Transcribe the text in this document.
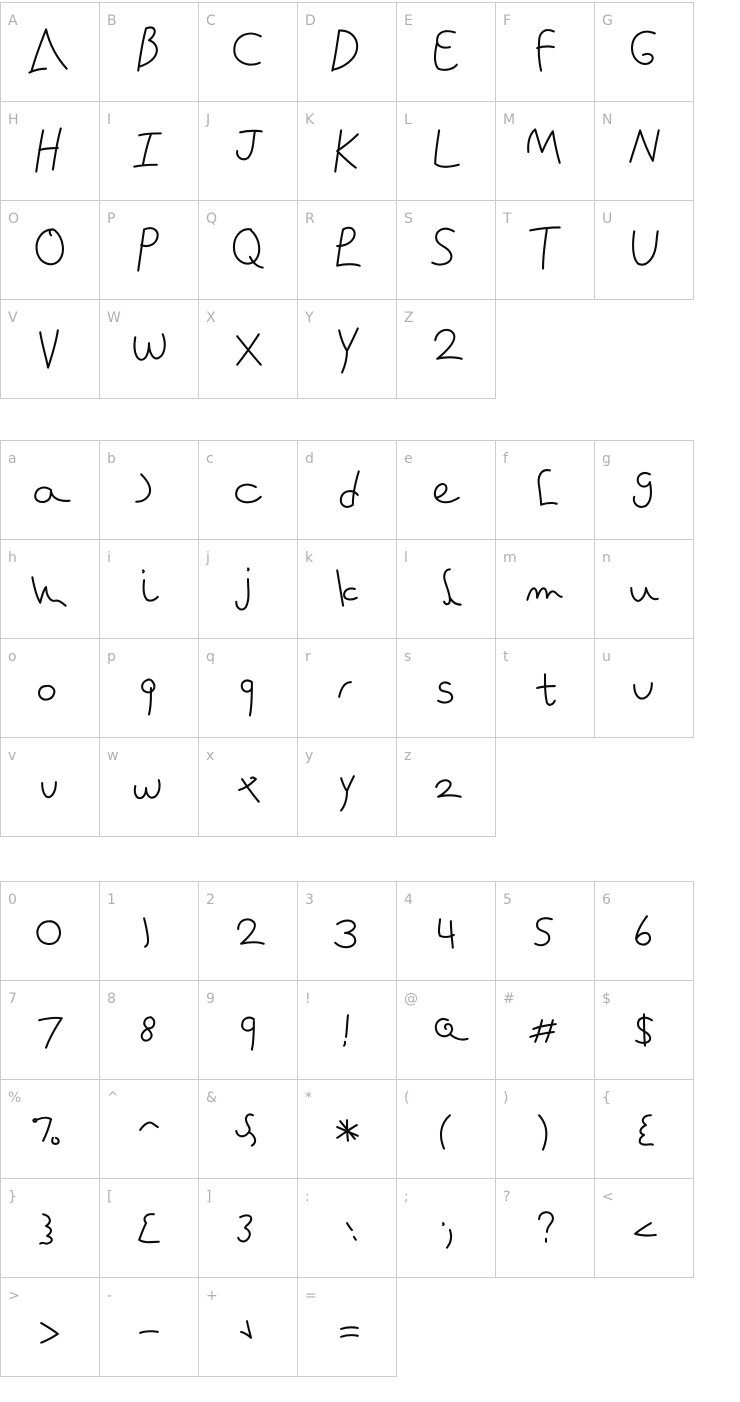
A	B	C	D	E	F	G
H	I	J	K	L	M	N
O	P	Q	R	S	T	U
V	W	X	Y	Z
a	b	c	d	e	f	g
h	i	j	k	l	m	n
o	p	q	r	s	t	u
v	w	x	y	z
0	1	2	3	4	5	6
7	8	9	!	@	#	$
%	^	&	*	(	)	{
}	[	]	:	;	?	<
>	-	+	=
